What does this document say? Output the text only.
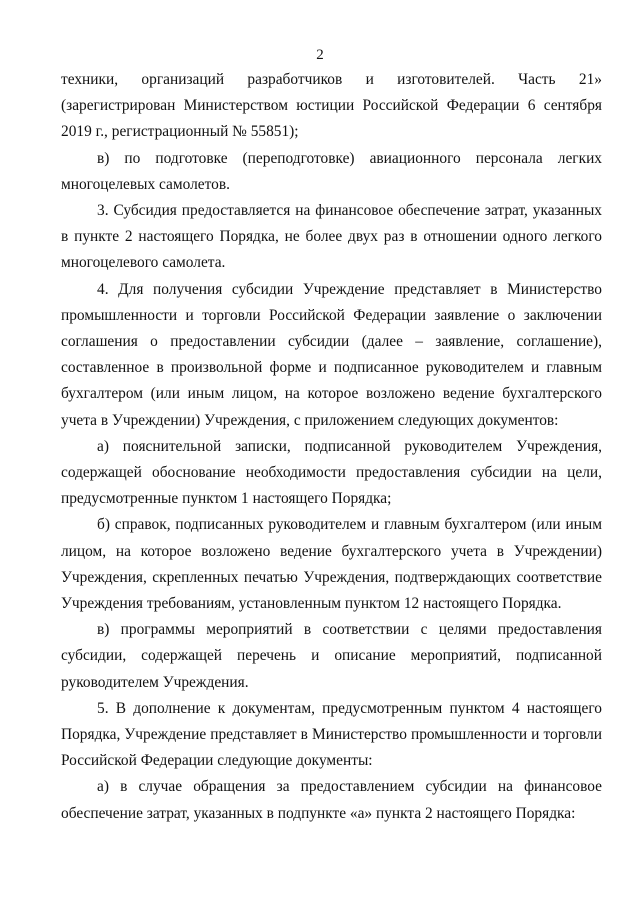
2

техники, организаций разработчиков и изготовителей. Часть 21» (зарегистрирован Министерством юстиции Российской Федерации 6 сентября 2019 г., регистрационный № 55851);

в) по подготовке (переподготовке) авиационного персонала легких многоцелевых самолетов.

3. Субсидия предоставляется на финансовое обеспечение затрат, указанных в пункте 2 настоящего Порядка, не более двух раз в отношении одного легкого многоцелевого самолета.

4. Для получения субсидии Учреждение представляет в Министерство промышленности и торговли Российской Федерации заявление о заключении соглашения о предоставлении субсидии (далее – заявление, соглашение), составленное в произвольной форме и подписанное руководителем и главным бухгалтером (или иным лицом, на которое возложено ведение бухгалтерского учета в Учреждении) Учреждения, с приложением следующих документов:

а) пояснительной записки, подписанной руководителем Учреждения, содержащей обоснование необходимости предоставления субсидии на цели, предусмотренные пунктом 1 настоящего Порядка;

б) справок, подписанных руководителем и главным бухгалтером (или иным лицом, на которое возложено ведение бухгалтерского учета в Учреждении) Учреждения, скрепленных печатью Учреждения, подтверждающих соответствие Учреждения требованиям, установленным пунктом 12 настоящего Порядка.

в) программы мероприятий в соответствии с целями предоставления субсидии, содержащей перечень и описание мероприятий, подписанной руководителем Учреждения.

5. В дополнение к документам, предусмотренным пунктом 4 настоящего Порядка, Учреждение представляет в Министерство промышленности и торговли Российской Федерации следующие документы:

а) в случае обращения за предоставлением субсидии на финансовое обеспечение затрат, указанных в подпункте «а» пункта 2 настоящего Порядка:
